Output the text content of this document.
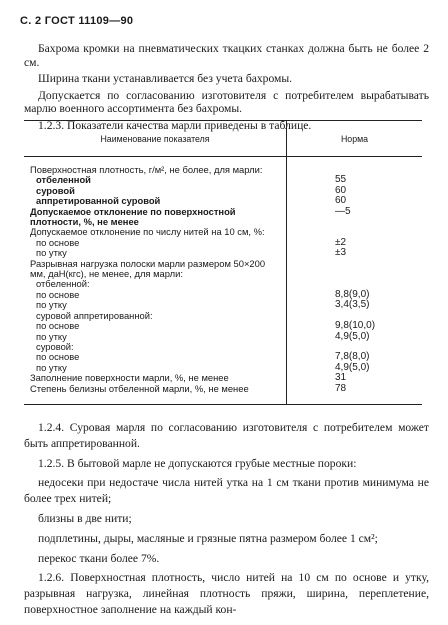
С. 2 ГОСТ 11109—90

Бахрома кромки на пневматических ткацких станках должна быть не более 2 см.

Ширина ткани устанавливается без учета бахромы.

Допускается по согласованию изготовителя с потребителем вырабатывать марлю военного ассортимента без бахромы.

1.2.3. Показатели качества марли приведены в таблице.

Наименование показателя	Норма

Поверхностная плотность, г/м², не более, для марли:	
отбеленной	55
суровой	60
аппретированной суровой	60
Допускаемое отклонение по поверхностной плотности, %, не менее	—5
Допускаемое отклонение по числу нитей на 10 см, %:	
по основе	±2
по утку	±3
Разрывная нагрузка полоски марли размером 50×200 мм, даН(кгс), не менее, для марли:	
отбеленной:	
по основе	8,8(9,0)
по утку	3,4(3,5)
суровой аппретированной:	
по основе	9,8(10,0)
по утку	4,9(5,0)
суровой:	
по основе	7,8(8,0)
по утку	4,9(5,0)
Заполнение поверхности марли, %, не менее	31
Степень белизны отбеленной марли, %, не менее	78

1.2.4. Суровая марля по согласованию изготовителя с потребителем может быть аппретированной.

1.2.5. В бытовой марле не допускаются грубые местные пороки:

недосеки при недостаче числа нитей утка на 1 см ткани против минимума не более трех нитей;

близны в две нити;

подплетины, дыры, масляные и грязные пятна размером более 1 см²;

перекос ткани более 7%.

1.2.6. Поверхностная плотность, число нитей на 10 см по основе и утку, разрывная нагрузка, линейная плотность пряжи, ширина, переплетение, поверхностное заполнение на каждый кон-
